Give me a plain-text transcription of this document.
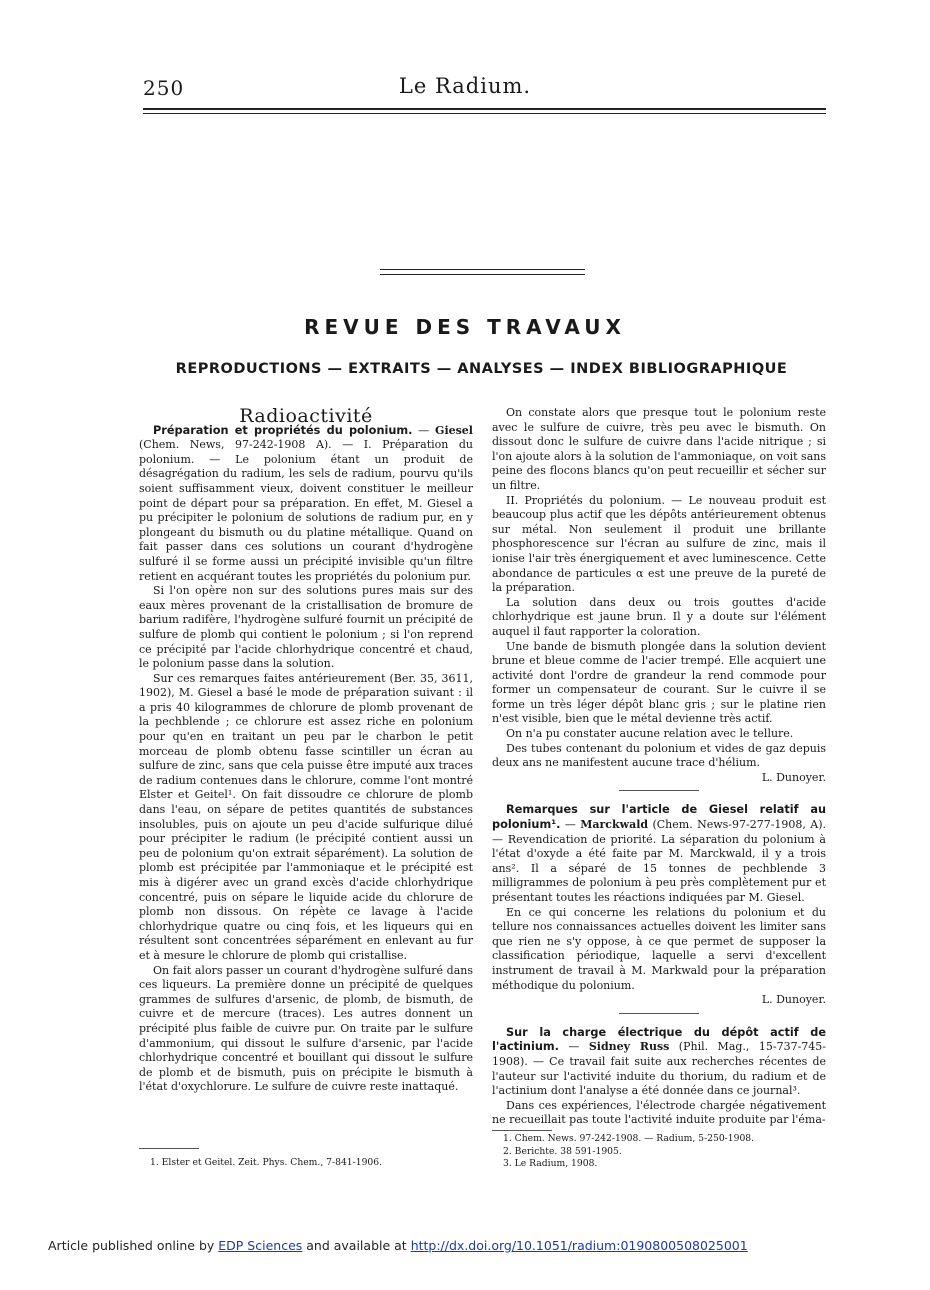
250	Le Radium.
REVUE DES TRAVAUX
REPRODUCTIONS — EXTRAITS — ANALYSES — INDEX BIBLIOGRAPHIQUE

Radioactivité

Préparation et propriétés du polonium. — Giesel (Chem. News, 97-242-1908 A). — I. Préparation du polonium. — Le polonium étant un produit de désagrégation du radium, les sels de radium, pourvu qu'ils soient suffisamment vieux, doivent constituer le meilleur point de départ pour sa préparation. En effet, M. Giesel a pu précipiter le polonium de solutions de radium pur, en y plongeant du bismuth ou du platine métallique. Quand on fait passer dans ces solutions un courant d'hydrogène sulfuré il se forme aussi un précipité invisible qu'un filtre retient en acquérant toutes les propriétés du polonium pur.

Si l'on opère non sur des solutions pures mais sur des eaux mères provenant de la cristallisation de bromure de barium radifère, l'hydrogène sulfuré fournit un précipité de sulfure de plomb qui contient le polonium ; si l'on reprend ce précipité par l'acide chlorhydrique concentré et chaud, le polonium passe dans la solution.

Sur ces remarques faites antérieurement (Ber. 35, 3611, 1902), M. Giesel a basé le mode de préparation suivant : il a pris 40 kilogrammes de chlorure de plomb provenant de la pechblende ; ce chlorure est assez riche en polonium pour qu'en en traitant un peu par le charbon le petit morceau de plomb obtenu fasse scintiller un écran au sulfure de zinc, sans que cela puisse être imputé aux traces de radium contenues dans le chlorure, comme l'ont montré Elster et Geitel¹. On fait dissoudre ce chlorure de plomb dans l'eau, on sépare de petites quantités de substances insolubles, puis on ajoute un peu d'acide sulfurique dilué pour précipiter le radium (le précipité contient aussi un peu de polonium qu'on extrait séparément). La solution de plomb est précipitée par l'ammoniaque et le précipité est mis à digérer avec un grand excès d'acide chlorhydrique concentré, puis on sépare le liquide acide du chlorure de plomb non dissous. On répète ce lavage à l'acide chlorhydrique quatre ou cinq fois, et les liqueurs qui en résultent sont concentrées séparément en enlevant au fur et à mesure le chlorure de plomb qui cristallise.

On fait alors passer un courant d'hydrogène sulfuré dans ces liqueurs. La première donne un précipité de quelques grammes de sulfures d'arsenic, de plomb, de bismuth, de cuivre et de mercure (traces). Les autres donnent un précipité plus faible de cuivre pur. On traite par le sulfure d'ammonium, qui dissout le sulfure d'arsenic, par l'acide chlorhydrique concentré et bouillant qui dissout le sulfure de plomb et de bismuth, puis on précipite le bismuth à l'état d'oxychlorure. Le sulfure de cuivre reste inattaqué.

1. Elster et Geitel. Zeit. Phys. Chem., 7-841-1906.

On constate alors que presque tout le polonium reste avec le sulfure de cuivre, très peu avec le bismuth. On dissout donc le sulfure de cuivre dans l'acide nitrique ; si l'on ajoute alors à la solution de l'ammoniaque, on voit sans peine des flocons blancs qu'on peut recueillir et sécher sur un filtre.

II. Propriétés du polonium. — Le nouveau produit est beaucoup plus actif que les dépôts antérieurement obtenus sur métal. Non seulement il produit une brillante phosphorescence sur l'écran au sulfure de zinc, mais il ionise l'air très énergiquement et avec luminescence. Cette abondance de particules α est une preuve de la pureté de la préparation.

La solution dans deux ou trois gouttes d'acide chlorhydrique est jaune brun. Il y a doute sur l'élément auquel il faut rapporter la coloration.

Une bande de bismuth plongée dans la solution devient brune et bleue comme de l'acier trempé. Elle acquiert une activité dont l'ordre de grandeur la rend commode pour former un compensateur de courant. Sur le cuivre il se forme un très léger dépôt blanc gris ; sur le platine rien n'est visible, bien que le métal devienne très actif.

On n'a pu constater aucune relation avec le tellure.

Des tubes contenant du polonium et vides de gaz depuis deux ans ne manifestent aucune trace d'hélium.

L. Dunoyer.

Remarques sur l'article de Giesel relatif au polonium¹. — Marckwald (Chem. News-97-277-1908, A). — Revendication de priorité. La séparation du polonium à l'état d'oxyde a été faite par M. Marckwald, il y a trois ans². Il a séparé de 15 tonnes de pechblende 3 milligrammes de polonium à peu près complètement pur et présentant toutes les réactions indiquées par M. Giesel.

En ce qui concerne les relations du polonium et du tellure nos connaissances actuelles doivent les limiter sans que rien ne s'y oppose, à ce que permet de supposer la classification périodique, laquelle a servi d'excellent instrument de travail à M. Markwald pour la préparation méthodique du polonium.

L. Dunoyer.

Sur la charge électrique du dépôt actif de l'actinium. — Sidney Russ (Phil. Mag., 15-737-745-1908). — Ce travail fait suite aux recherches récentes de l'auteur sur l'activité induite du thorium, du radium et de l'actinium dont l'analyse a été donnée dans ce journal³.

Dans ces expériences, l'électrode chargée négativement ne recueillait pas toute l'activité induite produite par l'éma-

1. Chem. News. 97-242-1908. — Radium, 5-250-1908.

2. Berichte. 38 591-1905.

3. Le Radium, 1908.

Article published online by EDP Sciences and available at http://dx.doi.org/10.1051/radium:0190800508025001
